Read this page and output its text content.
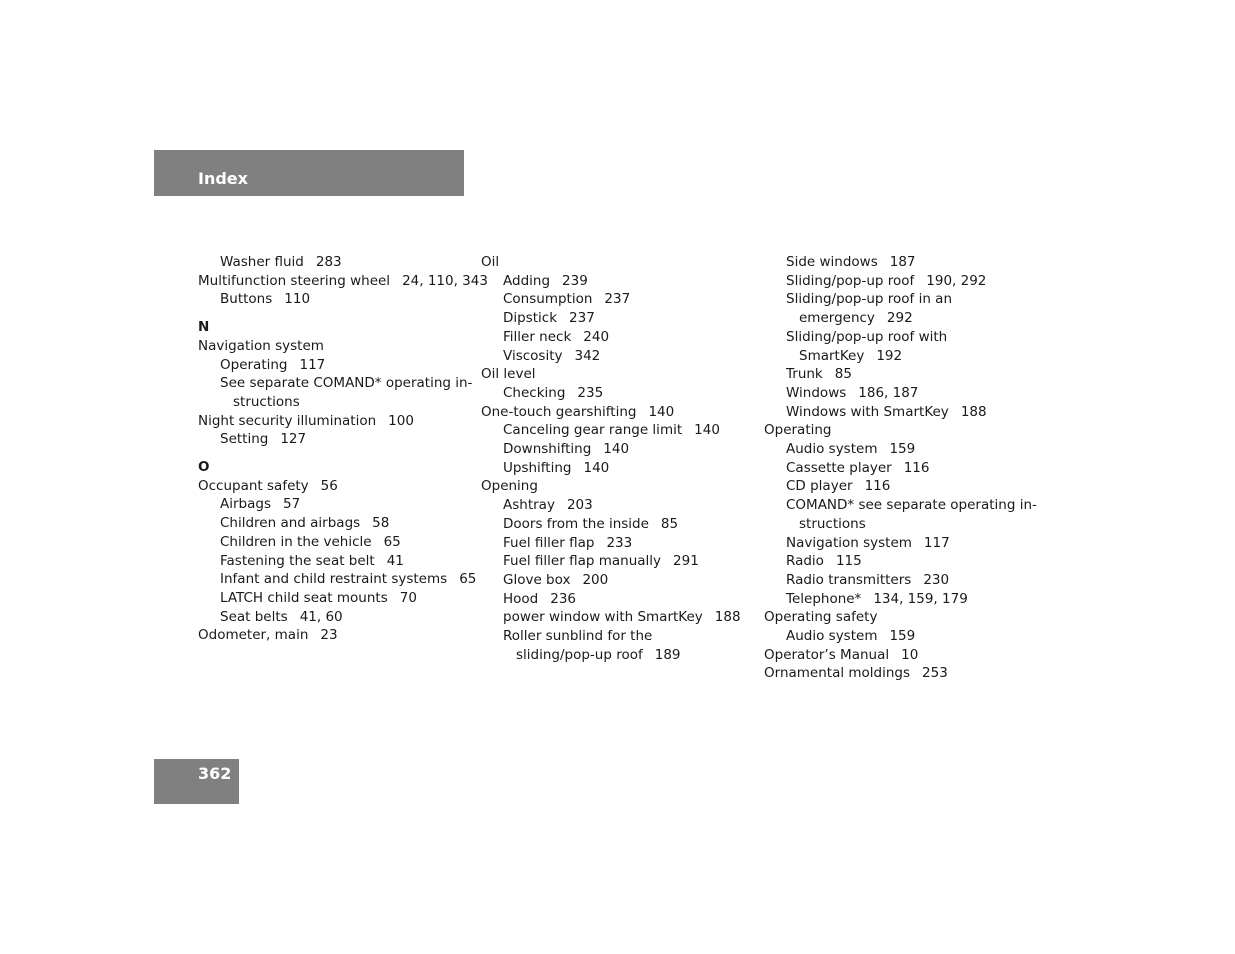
Index
Washer fluid 283
Multifunction steering wheel 24, 110, 343
Buttons 110
N
Navigation system
Operating 117
See separate COMAND* operating in-
structions
Night security illumination 100
Setting 127
O
Occupant safety 56
Airbags 57
Children and airbags 58
Children in the vehicle 65
Fastening the seat belt 41
Infant and child restraint systems 65
LATCH child seat mounts 70
Seat belts 41, 60
Odometer, main 23
Oil
Adding 239
Consumption 237
Dipstick 237
Filler neck 240
Viscosity 342
Oil level
Checking 235
One-touch gearshifting 140
Canceling gear range limit 140
Downshifting 140
Upshifting 140
Opening
Ashtray 203
Doors from the inside 85
Fuel filler flap 233
Fuel filler flap manually 291
Glove box 200
Hood 236
power window with SmartKey 188
Roller sunblind for the
sliding/pop-up roof 189
Side windows 187
Sliding/pop-up roof 190, 292
Sliding/pop-up roof in an
emergency 292
Sliding/pop-up roof with
SmartKey 192
Trunk 85
Windows 186, 187
Windows with SmartKey 188
Operating
Audio system 159
Cassette player 116
CD player 116
COMAND* see separate operating in-
structions
Navigation system 117
Radio 115
Radio transmitters 230
Telephone* 134, 159, 179
Operating safety
Audio system 159
Operator’s Manual 10
Ornamental moldings 253
362
